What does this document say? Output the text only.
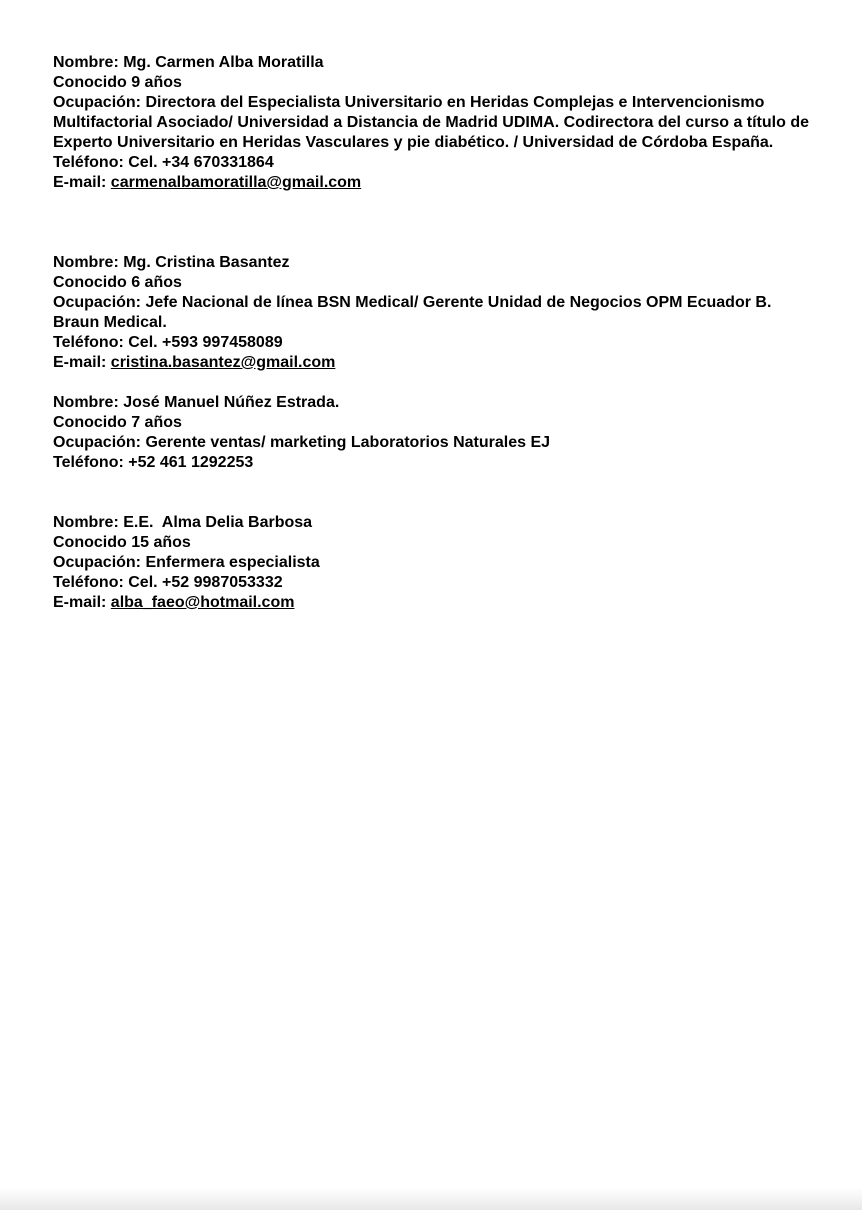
Nombre: Mg. Carmen Alba Moratilla
Conocido 9 años
Ocupación: Directora del Especialista Universitario en Heridas Complejas e Intervencionismo Multifactorial Asociado/ Universidad a Distancia de Madrid UDIMA. Codirectora del curso a título de Experto Universitario en Heridas Vasculares y pie diabético. / Universidad de Córdoba España.
Teléfono: Cel. +34 670331864
E-mail: carmenalbamoratilla@gmail.com
Nombre: Mg. Cristina Basantez
Conocido 6 años
Ocupación: Jefe Nacional de línea BSN Medical/ Gerente Unidad de Negocios OPM Ecuador B. Braun Medical.
Teléfono: Cel. +593 997458089
E-mail: cristina.basantez@gmail.com
Nombre: José Manuel Núñez Estrada.
Conocido 7 años
Ocupación: Gerente ventas/ marketing Laboratorios Naturales EJ
Teléfono: +52 461 1292253
Nombre: E.E.  Alma Delia Barbosa
Conocido 15 años
Ocupación: Enfermera especialista
Teléfono: Cel. +52 9987053332
E-mail: alba_faeo@hotmail.com
